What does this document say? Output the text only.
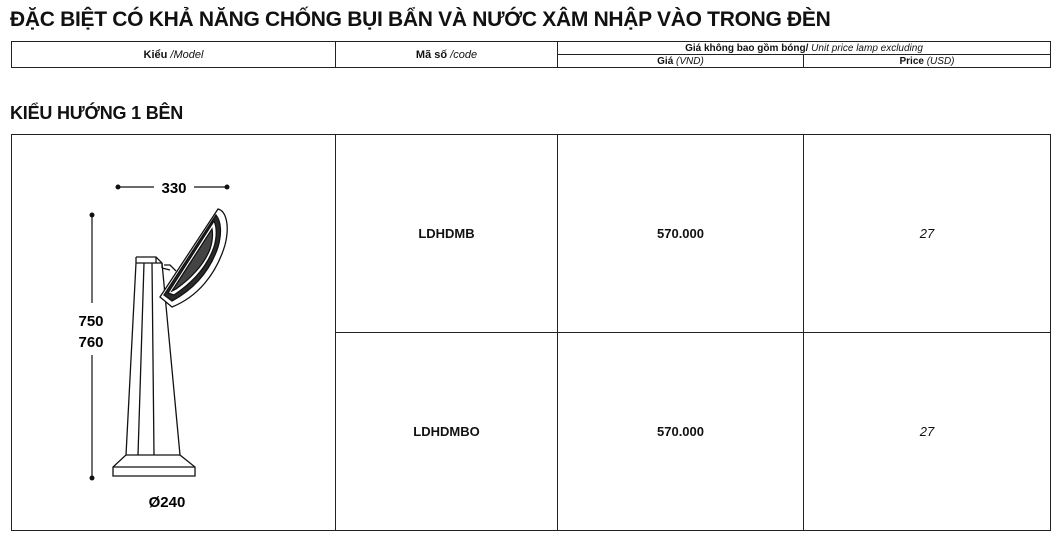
ĐẶC BIỆT CÓ KHẢ NĂNG CHỐNG BỤI BẨN VÀ NƯỚC XÂM NHẬP VÀO TRONG ĐÈN
Kiểu /Model	Mã số /code	Giá không bao gồm bóng/ Unit price lamp excluding	
		Giá (VND)	Price (USD)
KIỂU HƯỚNG 1 BÊN
330
750
760
Ø240	LDHDMB	570.000	27
	LDHDMBO	570.000	27
